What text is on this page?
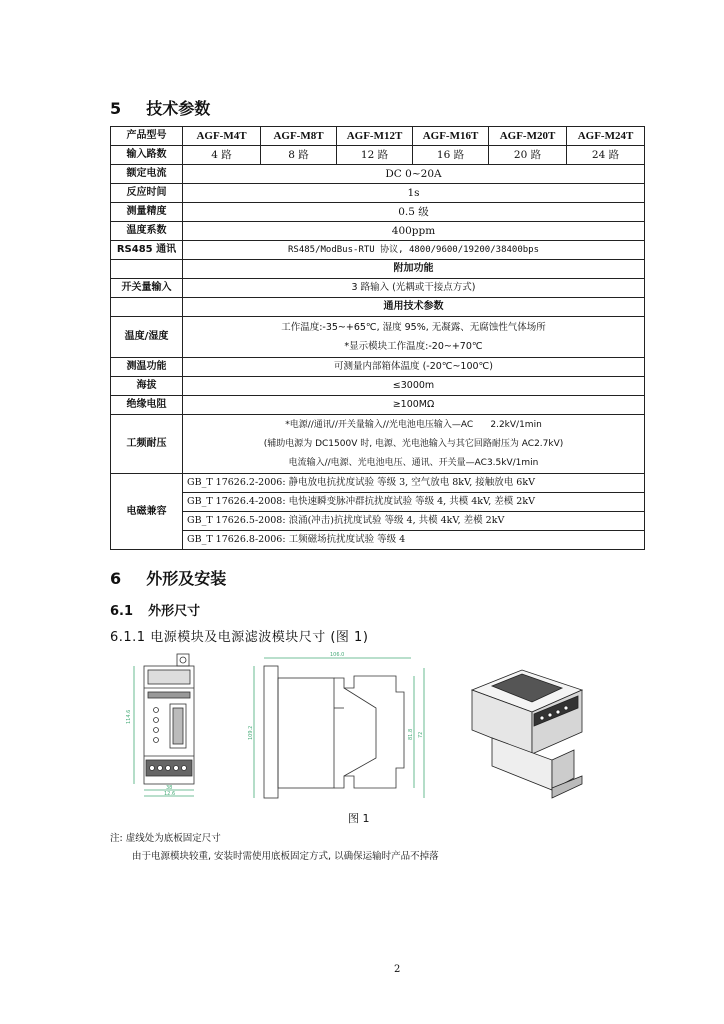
5 技术参数
产品型号	AGF-M4T	AGF-M8T	AGF-M12T	AGF-M16T	AGF-M20T	AGF-M24T
输入路数	4 路	8 路	12 路	16 路	20 路	24 路
额定电流	DC 0~20A					
反应时间	1s					
测量精度	0.5 级					
温度系数	400ppm					
RS485 通讯	RS485/ModBus-RTU 协议, 4800/9600/19200/38400bps					
	附加功能					
开关量输入	3 路输入 (光耦或干接点方式)					
	通用技术参数					
温度/湿度	工作温度:-35~+65℃, 湿度 95%, 无凝露、无腐蚀性气体场所
*显示模块工作温度:-20~+70℃					

测温功能	可测量内部箱体温度 (-20℃~100℃)					
海拔	≤3000m					
绝缘电阻	≥100MΩ					
工频耐压	*电源//通讯//开关量输入//光电池电压输入—AC      2.2kV/1min
(辅助电源为 DC1500V 时, 电源、光电池输入与其它回路耐压为 AC2.7kV)
电流输入//电源、光电池电压、通讯、开关量—AC3.5kV/1min					

电磁兼容	GB_T 17626.2-2006: 静电放电抗扰度试验 等级 3, 空气放电 8kV, 接触放电 6kV					
	GB_T 17626.4-2008: 电快速瞬变脉冲群抗扰度试验 等级 4, 共模 4kV, 差模 2kV					
	GB_T 17626.5-2008: 浪涌(冲击)抗扰度试验 等级 4, 共模 4kV, 差模 2kV					
	GB_T 17626.8-2006: 工频磁场抗扰度试验 等级 4					
6 外形及安装
6.1 外形尺寸
6.1.1 电源模块及电源滤波模块尺寸 (图 1)
114.6
38
12.6
106.0
109.2	81.8 72
图 1
注: 虚线处为底板固定尺寸
由于电源模块较重, 安装时需使用底板固定方式, 以确保运输时产品不掉落
2
